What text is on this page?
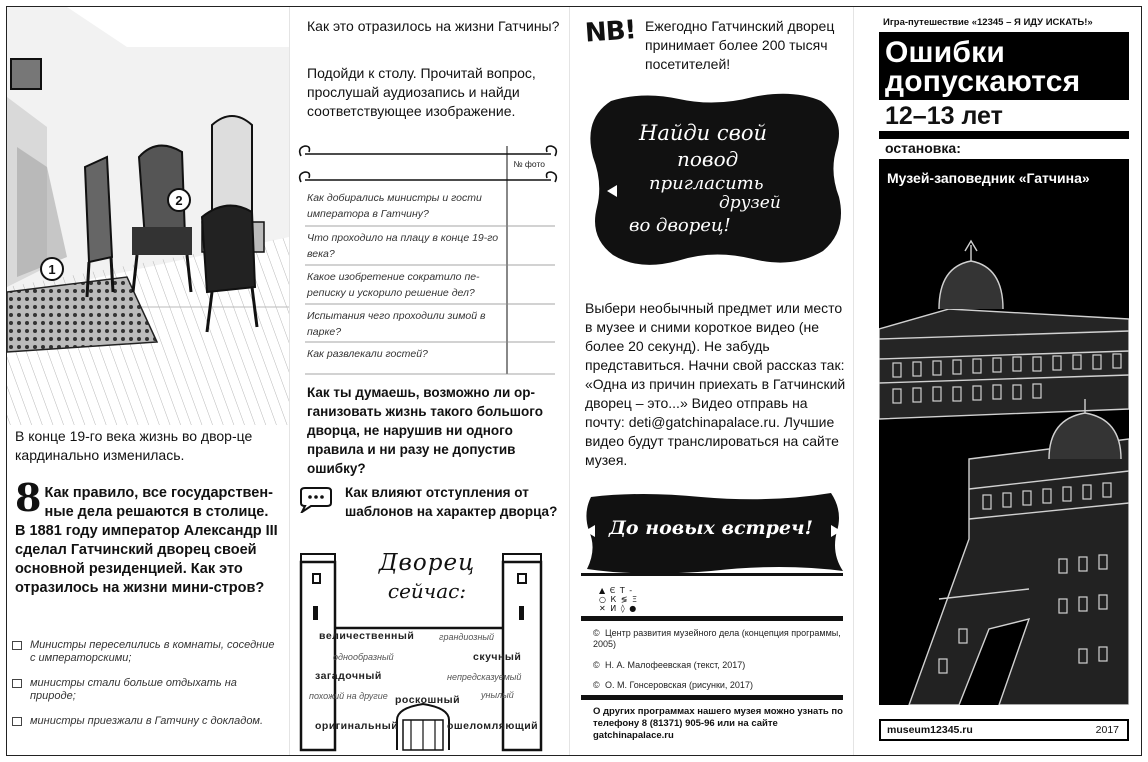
1
2
В конце 19-го века жизнь во двор-це кардинально изменилась.
8 Как правило, все государствен-ные дела решаются в столице. В 1881 году император Александр III сделал Гатчинский дворец своей основной резиденцией. Как это отразилось на жизни мини-стров?
Министры переселились в комнаты, соседние с императорскими;
министры стали больше отдыхать на природе;
министры приезжали в Гатчину с докладом.
Как это отразилось на жизни Гатчины?
Подойди к столу. Прочитай вопрос, прослушай аудиозапись и найди соответствующее изображение.
№ фото
Как добирались министры и гости императора в Гатчину?
Что проходило на плацу в конце 19-го века?
Какое изобретение сократило пе-реписку и ускорило решение дел?
Испытания чего проходили зимой в парке?
Как развлекали гостей?
Как ты думаешь, возможно ли ор-ганизовать жизнь такого большого дворца, не нарушив ни одного правила и ни разу не допустив ошибку?
Как влияют отступления от шаблонов на характер дворца?
Дворец
сейчас:
величественный	грандиозный
однообразный	скучный
загадочный	непредсказуемый
похожий на другие	унылый
роскошный
оригинальный	ошеломляющий
NB! Ежегодно Гатчинский дворец принимает более 200 тысяч посетителей!
Найди свой
повод
пригласить
друзей
во дворец!
Выбери необычный предмет или место в музее и сними короткое видео (не более 20 секунд). Не забудь представиться. Начни свой рассказ так: «Одна из причин приехать в Гатчинский дворец – это...» Видео отправь на почту: deti@gatchinapalace.ru. Лучшие видео будут транслироваться на сайте музея.
До новых встреч!
▲ Є Т -
○ К ≶ Ξ
✕ И ◊ ●
© Центр развития музейного дела (концепция программы, 2005)
© Н. А. Малофеевская (текст, 2017)
© О. М. Гонсеровская (рисунки, 2017)
О других программах нашего музея можно узнать по телефону 8 (81371) 905-96 или на сайте gatchinapalace.ru
Игра-путешествие «12345 – Я ИДУ ИСКАТЬ!»
Ошибки
допускаются
12–13 лет
остановка:
Музей-заповедник «Гатчина»
museum12345.ru	2017
